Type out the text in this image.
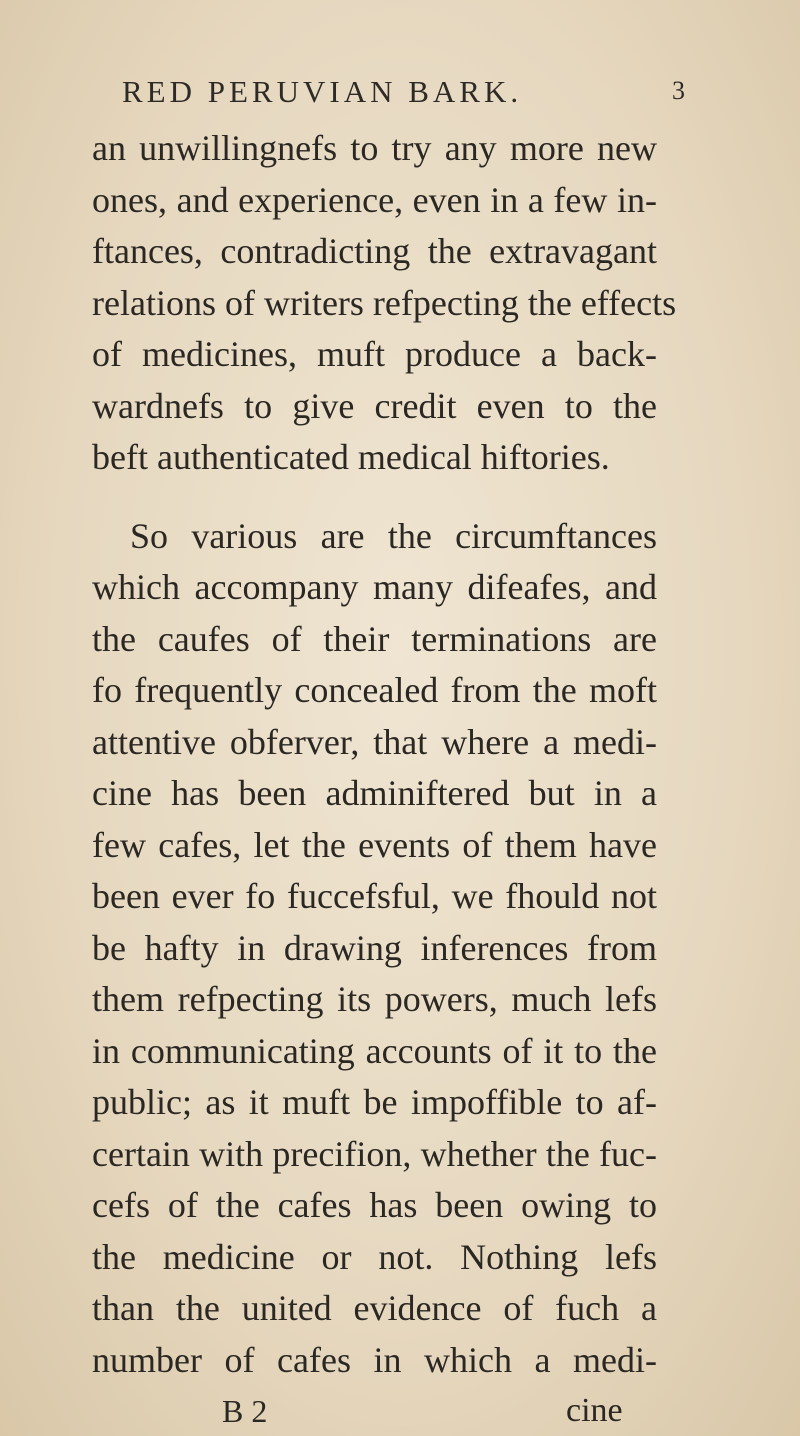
RED PERUVIAN BARK.	3
an unwillingnefs to try any more new
ones, and experience, even in a few in-
ftances, contradicting the extravagant
relations of writers refpecting the effects
of medicines, muft produce a back-
wardnefs to give credit even to the
beft authenticated medical hiftories.
So various are the circumftances
which accompany many difeafes, and
the caufes of their terminations are
fo frequently concealed from the moft
attentive obferver, that where a medi-
cine has been adminiftered but in a
few cafes, let the events of them have
been ever fo fuccefsful, we fhould not
be hafty in drawing inferences from
them refpecting its powers, much lefs
in communicating accounts of it to the
public; as it muft be impoffible to af-
certain with precifion, whether the fuc-
cefs of the cafes has been owing to
the medicine or not. Nothing lefs
than the united evidence of fuch a
number of cafes in which a medi-
B 2	cine
